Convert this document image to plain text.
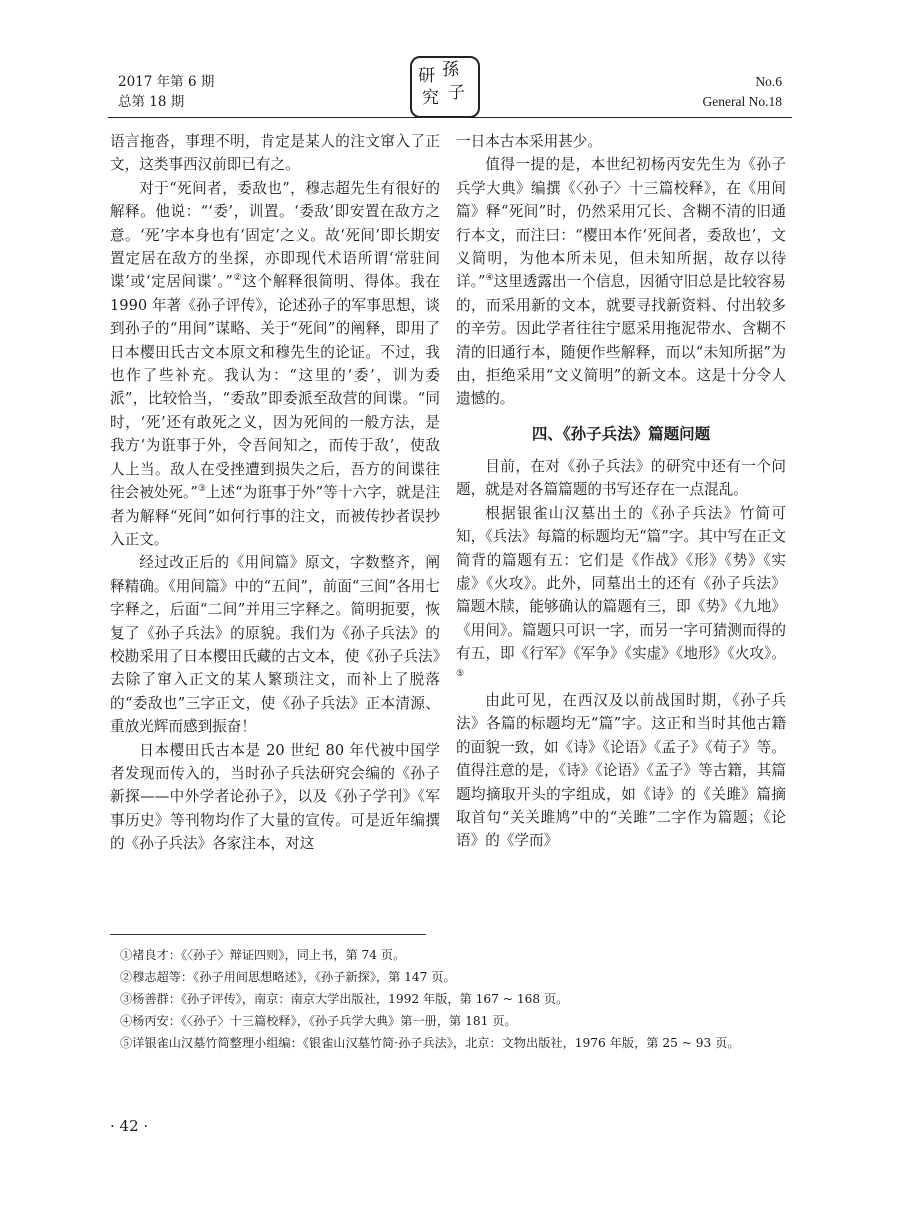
2017 年第 6 期
总第 18 期
研 孫
究 子
No.6
General No.18

语言拖沓，事理不明，肯定是某人的注文窜入了正文，这类事西汉前即已有之。

对于“死间者，委敌也”，穆志超先生有很好的解释。他说：“‘委’，训置。‘委敌’即安置在敌方之意。‘死’字本身也有‘固定’之义。故‘死间’即长期安置定居在敌方的坐探，亦即现代术语所谓‘常驻间谍’或‘定居间谍’。”②这个解释很简明、得体。我在 1990 年著《孙子评传》，论述孙子的军事思想，谈到孙子的“用间”谋略、关于“死间”的阐释，即用了日本樱田氏古文本原文和穆先生的论证。不过，我也作了些补充。我认为：“这里的‘委’，训为委派”，比较恰当，“委敌”即委派至敌营的间谍。“同时，‘死’还有敢死之义，因为死间的一般方法，是我方‘为诳事于外，令吾间知之，而传于敌’，使敌人上当。敌人在受挫遭到损失之后，吾方的间谍往往会被处死。”③上述“为诳事于外”等十六字，就是注者为解释“死间”如何行事的注文，而被传抄者误抄入正文。

经过改正后的《用间篇》原文，字数整齐，阐释精确。《用间篇》中的“五间”，前面“三间”各用七字释之，后面“二间”并用三字释之。简明扼要，恢复了《孙子兵法》的原貌。我们为《孙子兵法》的校勘采用了日本樱田氏藏的古文本，使《孙子兵法》去除了窜入正文的某人繁琐注文，而补上了脱落的“委敌也”三字正文，使《孙子兵法》正本清源、重放光辉而感到振奋！

日本樱田氏古本是 20 世纪 80 年代被中国学者发现而传入的，当时孙子兵法研究会编的《孙子新探——中外学者论孙子》，以及《孙子学刊》《军事历史》等刊物均作了大量的宣传。可是近年编撰的《孙子兵法》各家注本，对这

一日本古本采用甚少。

值得一提的是，本世纪初杨丙安先生为《孙子兵学大典》编撰《〈孙子〉十三篇校释》，在《用间篇》释“死间”时，仍然采用冗长、含糊不清的旧通行本文，而注曰：“樱田本作‘死间者，委敌也’，文义简明，为他本所未见，但未知所据，故存以待详。”④这里透露出一个信息，因循守旧总是比较容易的，而采用新的文本，就要寻找新资料、付出较多的辛劳。因此学者往往宁愿采用拖泥带水、含糊不清的旧通行本，随便作些解释，而以“未知所据”为由，拒绝采用“文义简明”的新文本。这是十分令人遗憾的。

四、《孙子兵法》篇题问题

目前，在对《孙子兵法》的研究中还有一个问题，就是对各篇篇题的书写还存在一点混乱。

根据银雀山汉墓出土的《孙子兵法》竹简可知，《兵法》每篇的标题均无“篇”字。其中写在正文简背的篇题有五：它们是《作战》《形》《势》《实虚》《火攻》。此外，同墓出土的还有《孙子兵法》篇题木牍，能够确认的篇题有三，即《势》《九地》《用间》。篇题只可识一字，而另一字可猜测而得的有五，即《行军》《军争》《实虚》《地形》《火攻》。⑤

由此可见，在西汉及以前战国时期，《孙子兵法》各篇的标题均无“篇”字。这正和当时其他古籍的面貌一致，如《诗》《论语》《孟子》《荀子》等。值得注意的是，《诗》《论语》《孟子》等古籍，其篇题均摘取开头的字组成，如《诗》的《关雎》篇摘取首句“关关雎鸠”中的“关雎”二字作为篇题；《论语》的《学而》

①褚良才：《〈孙子〉辩证四则》，同上书，第 74 页。

②穆志超等：《孙子用间思想略述》，《孙子新探》，第 147 页。

③杨善群：《孙子评传》，南京：南京大学出版社，1992 年版，第 167 ~ 168 页。

④杨丙安：《〈孙子〉十三篇校释》，《孙子兵学大典》第一册，第 181 页。

⑤详银雀山汉墓竹简整理小组编：《银雀山汉墓竹简·孙子兵法》，北京：文物出版社，1976 年版，第 25 ~ 93 页。

· 42 ·
